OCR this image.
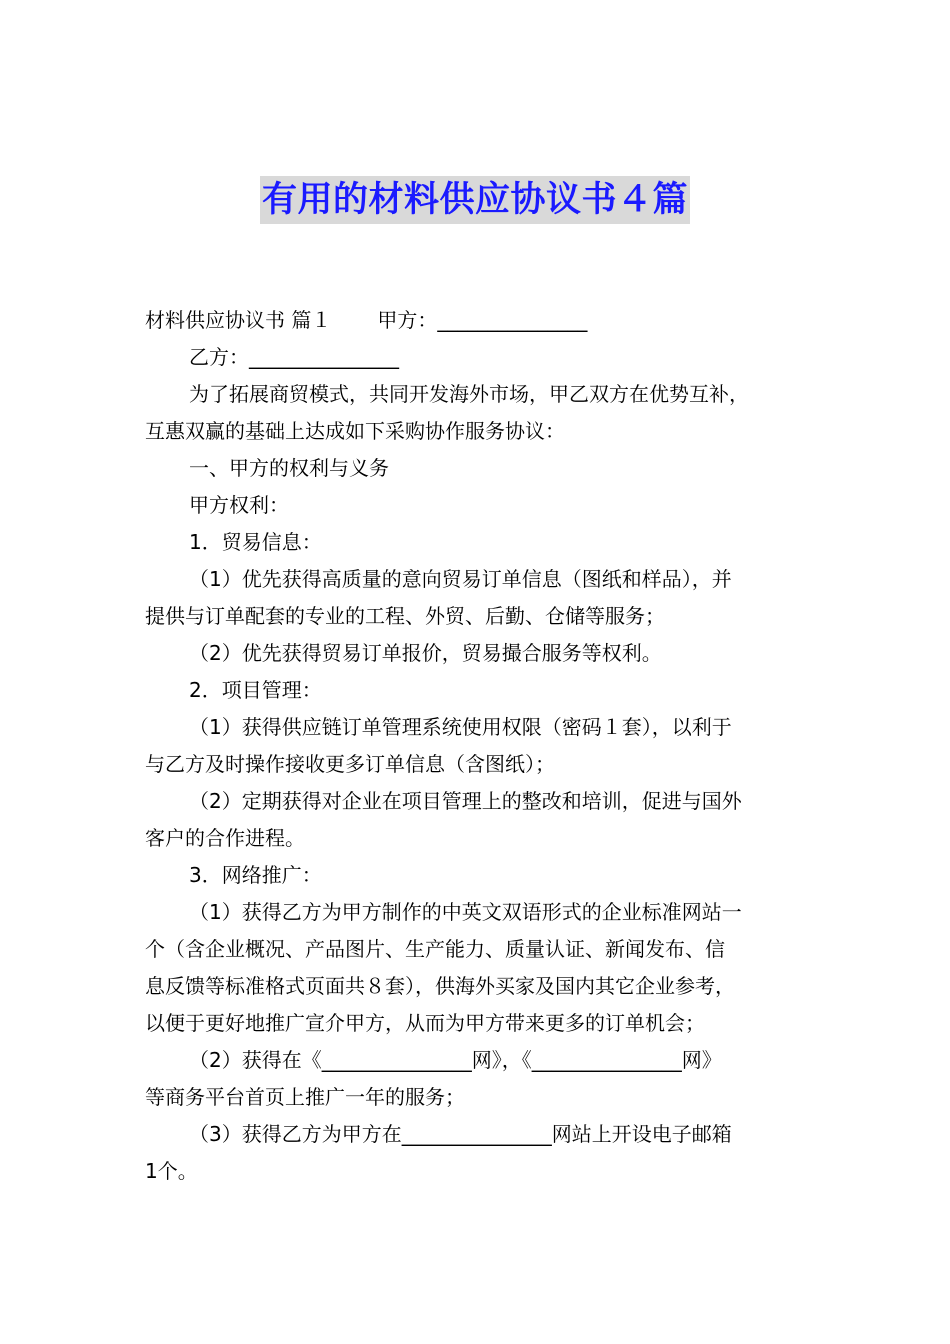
有用的材料供应协议书４篇

材料供应协议书 篇１ 甲方：_______________

乙方：_______________

为了拓展商贸模式，共同开发海外市场，甲乙双方在优势互补，

互惠双赢的基础上达成如下采购协作服务协议：

一、甲方的权利与义务

甲方权利：

1．贸易信息：

（1）优先获得高质量的意向贸易订单信息（图纸和样品），并

提供与订单配套的专业的工程、外贸、后勤、仓储等服务；

（2）优先获得贸易订单报价，贸易撮合服务等权利。

2．项目管理：

（1）获得供应链订单管理系统使用权限（密码１套），以利于

与乙方及时操作接收更多订单信息（含图纸）；

（2）定期获得对企业在项目管理上的整改和培训，促进与国外

客户的合作进程。

3．网络推广：

（1）获得乙方为甲方制作的中英文双语形式的企业标准网站一

个（含企业概况、产品图片、生产能力、质量认证、新闻发布、信

息反馈等标准格式页面共８套），供海外买家及国内其它企业参考，

以便于更好地推广宣介甲方，从而为甲方带来更多的订单机会；

（2）获得在《_______________网》，《_______________网》

等商务平台首页上推广一年的服务；

（3）获得乙方为甲方在_______________网站上开设电子邮箱

1个。
